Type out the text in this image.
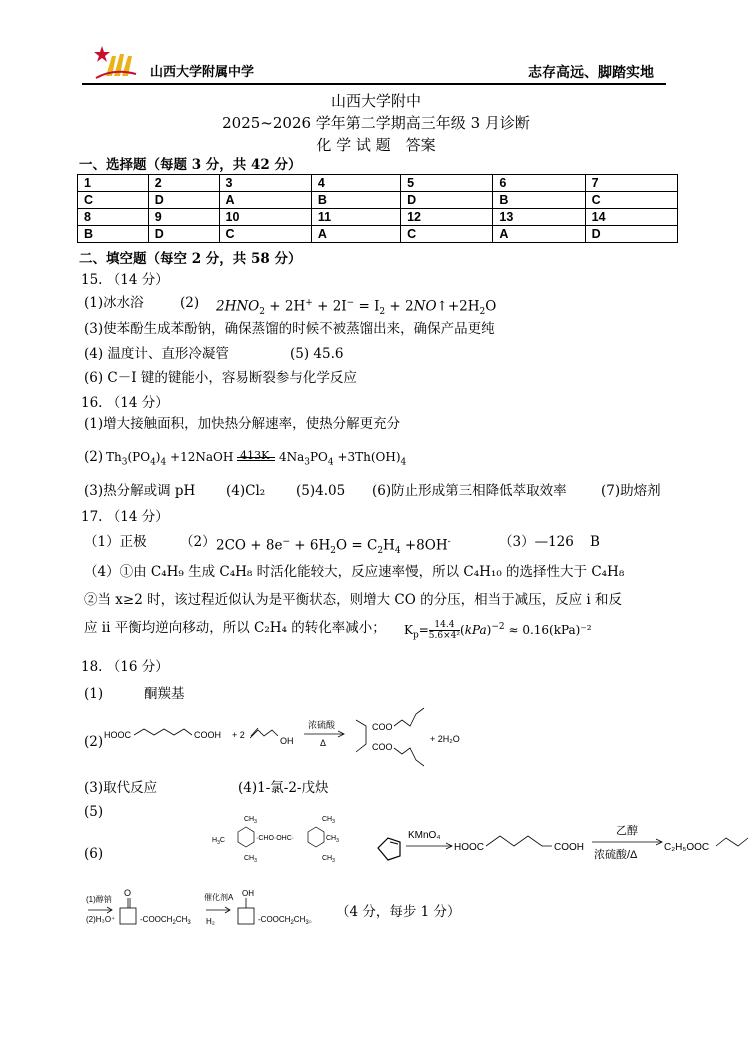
山西大学附属中学	志存高远、脚踏实地
山西大学附中
2025~2026 学年第二学期高三年级 3 月诊断
化 学 试 题　答案
一、选择题（每题 3 分，共 42 分）
1	2	3	4	5	6	7
C	D	A	B	D	B	C
8	9	10	11	12	13	14
B	D	C	A	C	A	D
二、填空题（每空 2 分，共 58 分）
15. （14 分）
(1)冰水浴	(2) $2HNO_2 + 2H^+ + 2I^- = I_2$ + $2NO↑+2H_2O$
(3)使苯酚生成苯酚钠，确保蒸馏的时候不被蒸馏出来，确保产品更纯
(4) 温度计、直形冷凝管	(5) 45.6
(6) C－I 键的键能小，容易断裂参与化学反应
16. （14 分）
(1)增大接触面积，加快热分解速率，使热分解更充分
(2) $Th_3(PO_4)_4$ +12NaOH 413K $4Na_3PO_4 +3Th(OH)_4$
(3)热分解或调 pH (4)Cl₂ (5)4.05 (6)防止形成第三相降低萃取效率	(7)助熔剂
17. （14 分）
（1）正极 （2） $2CO + 8e^- + 6H_2O = C_2H_4 +8OH^-$	（3）—126 B
（4）①由 C₄H₉ 生成 C₄H₈ 时活化能较大，反应速率慢，所以 C₄H₁₀ 的选择性大于 C₄H₈
②当 x≥2 时，该过程近似认为是平衡状态，则增大 CO 的分压，相当于减压，反应 i 和反
应 ii 平衡均逆向移动，所以 C₂H₄ 的转化率减小； $K_p= \frac{14.4}{\text{5.6×4²}} (kPa)^{-2} \approx 0.16(kPa)^{-2}$
18. （16 分）
(1)	酮羰基
(2) HOOC	COOH + 2
OH
浓硫酸
Δ
COO
COO
+ 2H₂O
(3)取代反应	(4)1-氯-2-戊炔
(5)
(6)
$H_3C$
$CH_3$
$CH_3$
·CHO·OHC·
$CH_3$
$CH_3$
$CH_3$
KMnO₄
HOOC	COOH
乙醇
浓硫酸/Δ
C₂H₅OOC
(1)醇钠
(2)H₃O⁺
O
$-COOCH_2CH_3$
催化剂A
H₂
OH
$-COOCH_2CH_3$。 （4 分，每步 1 分）
